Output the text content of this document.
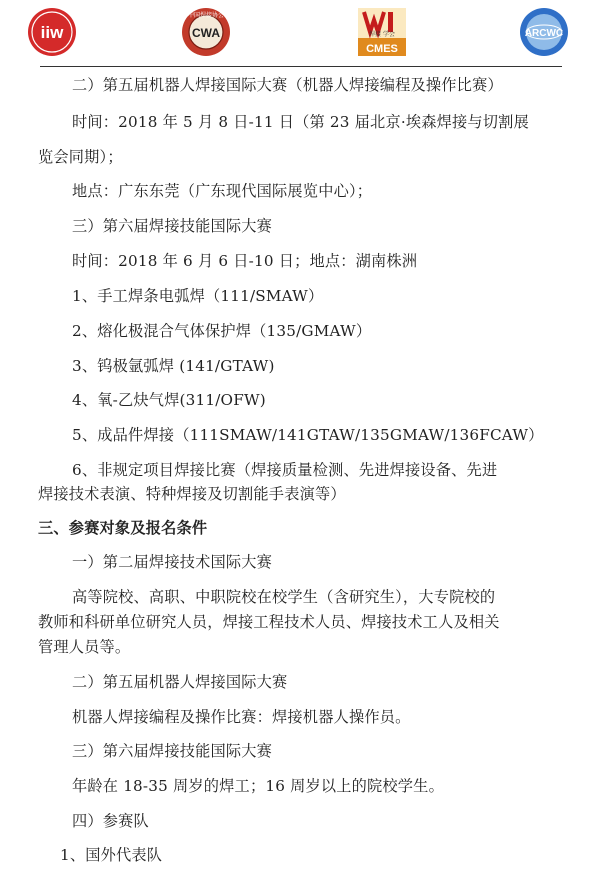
iiw
中国焊接协会
CWA	焊接 学会
CMES
ARCWC
二）第五届机器人焊接国际大赛（机器人焊接编程及操作比赛）
时间：2018 年 5 月 8 日-11 日（第 23 届北京·埃森焊接与切割展
览会同期）；
地点：广东东莞（广东现代国际展览中心）；
三）第六届焊接技能国际大赛
时间：2018 年 6 月 6 日-10 日；地点：湖南株洲
1、手工焊条电弧焊（111/SMAW）
2、熔化极混合气体保护焊（135/GMAW）
3、钨极氩弧焊 (141/GTAW)
4、氧-乙炔气焊(311/OFW)
5、成品件焊接（111SMAW/141GTAW/135GMAW/136FCAW）
6、非规定项目焊接比赛（焊接质量检测、先进焊接设备、先进
焊接技术表演、特种焊接及切割能手表演等）
三、参赛对象及报名条件
一）第二届焊接技术国际大赛
高等院校、高职、中职院校在校学生（含研究生），大专院校的
教师和科研单位研究人员，焊接工程技术人员、焊接技术工人及相关
管理人员等。
二）第五届机器人焊接国际大赛
机器人焊接编程及操作比赛：焊接机器人操作员。
三）第六届焊接技能国际大赛
年龄在 18-35 周岁的焊工；16 周岁以上的院校学生。
四）参赛队
1、国外代表队
